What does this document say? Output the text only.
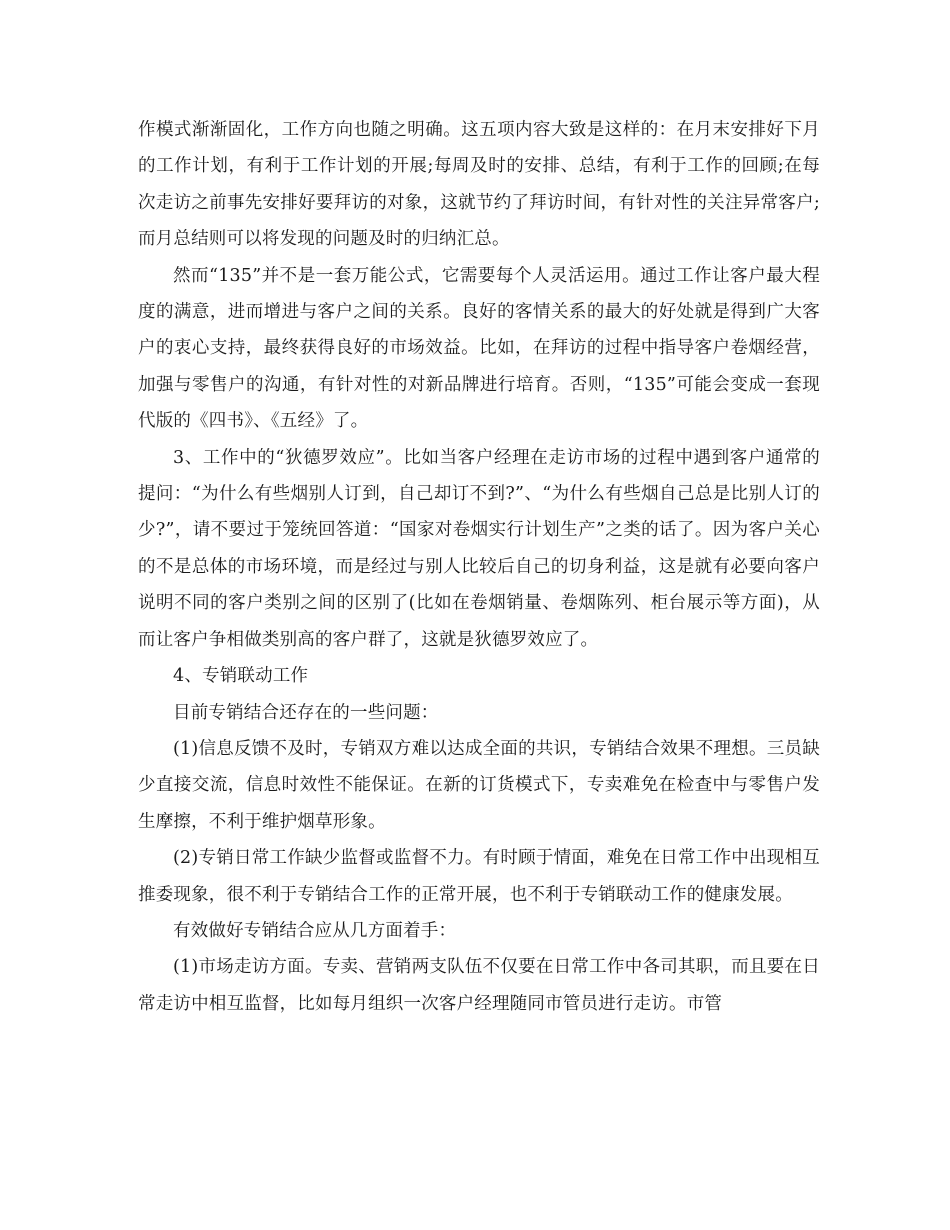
作模式渐渐固化，工作方向也随之明确。这五项内容大致是这样的：在月末安排好下月的工作计划，有利于工作计划的开展;每周及时的安排、总结，有利于工作的回顾;在每次走访之前事先安排好要拜访的对象，这就节约了拜访时间，有针对性的关注异常客户;而月总结则可以将发现的问题及时的归纳汇总。

然而“135”并不是一套万能公式，它需要每个人灵活运用。通过工作让客户最大程度的满意，进而增进与客户之间的关系。良好的客情关系的最大的好处就是得到广大客户的衷心支持，最终获得良好的市场效益。比如，在拜访的过程中指导客户卷烟经营，加强与零售户的沟通，有针对性的对新品牌进行培育。否则，“135”可能会变成一套现代版的《四书》、《五经》了。

3、工作中的“狄德罗效应”。比如当客户经理在走访市场的过程中遇到客户通常的提问：“为什么有些烟别人订到，自己却订不到?”、“为什么有些烟自己总是比别人订的少?”，请不要过于笼统回答道：“国家对卷烟实行计划生产”之类的话了。因为客户关心的不是总体的市场环境，而是经过与别人比较后自己的切身利益，这是就有必要向客户说明不同的客户类别之间的区别了(比如在卷烟销量、卷烟陈列、柜台展示等方面)，从而让客户争相做类别高的客户群了，这就是狄德罗效应了。

4、专销联动工作

目前专销结合还存在的一些问题：

(1)信息反馈不及时，专销双方难以达成全面的共识，专销结合效果不理想。三员缺少直接交流，信息时效性不能保证。在新的订货模式下，专卖难免在检查中与零售户发生摩擦，不利于维护烟草形象。

(2)专销日常工作缺少监督或监督不力。有时顾于情面，难免在日常工作中出现相互推委现象，很不利于专销结合工作的正常开展，也不利于专销联动工作的健康发展。

有效做好专销结合应从几方面着手：

(1)市场走访方面。专卖、营销两支队伍不仅要在日常工作中各司其职，而且要在日常走访中相互监督，比如每月组织一次客户经理随同市管员进行走访。市管
